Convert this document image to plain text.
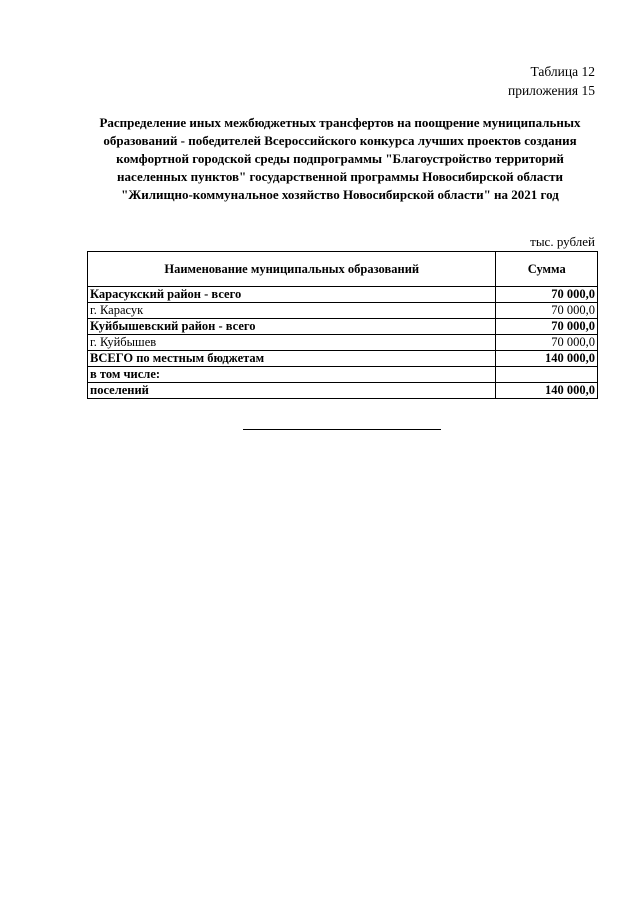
Таблица 12
приложения 15
Распределение иных межбюджетных трансфертов на поощрение муниципальных образований - победителей Всероссийского конкурса лучших проектов создания комфортной городской среды подпрограммы "Благоустройство территорий населенных пунктов" государственной программы Новосибирской области "Жилищно-коммунальное хозяйство Новосибирской области" на 2021 год
тыс. рублей
Наименование муниципальных образований	Сумма
Карасукский район - всего	70 000,0
г. Карасук	70 000,0
Куйбышевский район - всего	70 000,0
г. Куйбышев	70 000,0
ВСЕГО по местным бюджетам	140 000,0
в том числе:	
поселений	140 000,0
